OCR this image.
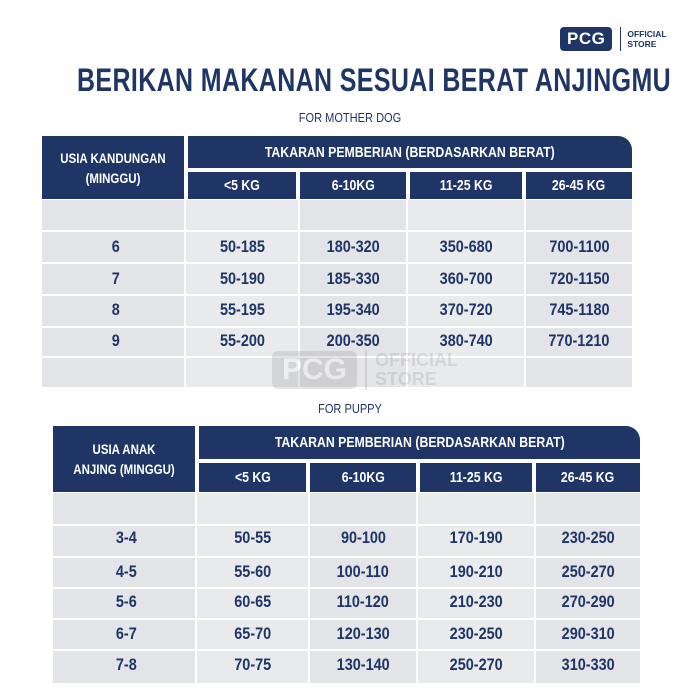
PCG	OFFICIAL
STORE
BERIKAN MAKANAN SESUAI BERAT ANJINGMU
FOR MOTHER DOG
USIA KANDUNGAN (MINGGU)
TAKARAN PEMBERIAN (BERDASARKAN BERAT)
<5 KG	6-10KG	11-25 KG	26-45 KG
6	50-185	180-320	350-680	700-1100
7	50-190	185-330	360-700	720-1150
8	55-195	195-340	370-720	745-1180
9	55-200	200-350	380-740	770-1210
PCG	OFFICIAL
STORE
FOR PUPPY
USIA ANAK ANJING (MINGGU)
TAKARAN PEMBERIAN (BERDASARKAN BERAT)
<5 KG	6-10KG	11-25 KG	26-45 KG
3-4	50-55	90-100	170-190	230-250
4-5	55-60	100-110	190-210	250-270
5-6	60-65	110-120	210-230	270-290
6-7	65-70	120-130	230-250	290-310
7-8	70-75	130-140	250-270	310-330
